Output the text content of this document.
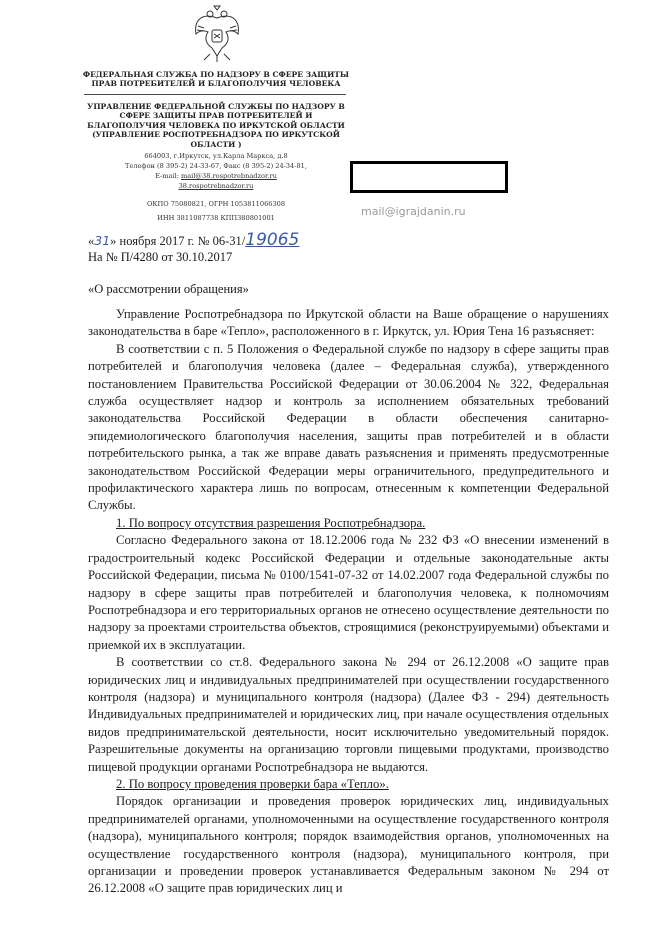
ФЕДЕРАЛЬНАЯ СЛУЖБА ПО НАДЗОРУ В СФЕРЕ ЗАЩИТЫ
ПРАВ ПОТРЕБИТЕЛЕЙ И БЛАГОПОЛУЧИЯ ЧЕЛОВЕКА
УПРАВЛЕНИЕ ФЕДЕРАЛЬНОЙ СЛУЖБЫ ПО НАДЗОРУ В
СФЕРЕ ЗАЩИТЫ ПРАВ ПОТРЕБИТЕЛЕЙ И
БЛАГОПОЛУЧИЯ ЧЕЛОВЕКА ПО ИРКУТСКОЙ ОБЛАСТИ
(УПРАВЛЕНИЕ РОСПОТРЕБНАДЗОРА ПО ИРКУТСКОЙ
ОБЛАСТИ )
664003, г.Иркутск, ул.Карла Маркса, д.8
Телефон (8 395-2) 24-33-67, Факс (8 395-2) 24-34-81,
E-mail: mail@38.rospotrebnadzor.ru
38.rospotrebnadzor.ru
ОКПО 75080821, ОГРН 1053811066308
ИНН 3811087738 КПП380801001	mail@igrajdanin.ru
«31» ноября 2017 г. № 06-31/19065
На № П/4280 от 30.10.2017
«О рассмотрении обращения»

Управление Роспотребнадзора по Иркутской области на Ваше обращение о нарушениях законодательства в баре «Тепло», расположенного в г. Иркутск, ул. Юрия Тена 16 разъясняет:

В соответствии с п. 5 Положения о Федеральной службе по надзору в сфере защиты прав потребителей и благополучия человека (далее – Федеральная служба), утвержденного постановлением Правительства Российской Федерации от 30.06.2004 № 322, Федеральная служба осуществляет надзор и контроль за исполнением обязательных требований законодательства Российской Федерации в области обеспечения санитарно-эпидемиологического благополучия населения, защиты прав потребителей и в области потребительского рынка, а так же вправе давать разъяснения и применять предусмотренные законодательством Российской Федерации меры ограничительного, предупредительного и профилактического характера лишь по вопросам, отнесенным к компетенции Федеральной Службы.

1. По вопросу отсутствия разрешения Роспотребнадзора.

Согласно Федерального закона от 18.12.2006 года № 232 ФЗ «О внесении изменений в градостроительный кодекс Российской Федерации и отдельные законодательные акты Российской Федерации, письма № 0100/1541-07-32 от 14.02.2007 года Федеральной службы по надзору в сфере защиты прав потребителей и благополучия человека, к полномочиям Роспотребнадзора и его территориальных органов не отнесено осуществление деятельности по надзору за проектами строительства объектов, строящимися (реконструируемыми) объектами и приемкой их в эксплуатации.

В соответствии со ст.8. Федерального закона № 294 от 26.12.2008 «О защите прав юридических лиц и индивидуальных предпринимателей при осуществлении государственного контроля (надзора) и муниципального контроля (надзора) (Далее ФЗ - 294) деятельность Индивидуальных предпринимателей и юридических лиц, при начале осуществления отдельных видов предпринимательской деятельности, носит исключительно уведомительный порядок. Разрешительные документы на организацию торговли пищевыми продуктами, производство пищевой продукции органами Роспотребнадзора не выдаются.

2. По вопросу проведения проверки бара «Тепло».

Порядок организации и проведения проверок юридических лиц, индивидуальных предпринимателей органами, уполномоченными на осуществление государственного контроля (надзора), муниципального контроля; порядок взаимодействия органов, уполномоченных на осуществление государственного контроля (надзора), муниципального контроля, при организации и проведении проверок устанавливается Федеральным законом № 294 от 26.12.2008 «О защите прав юридических лиц и
